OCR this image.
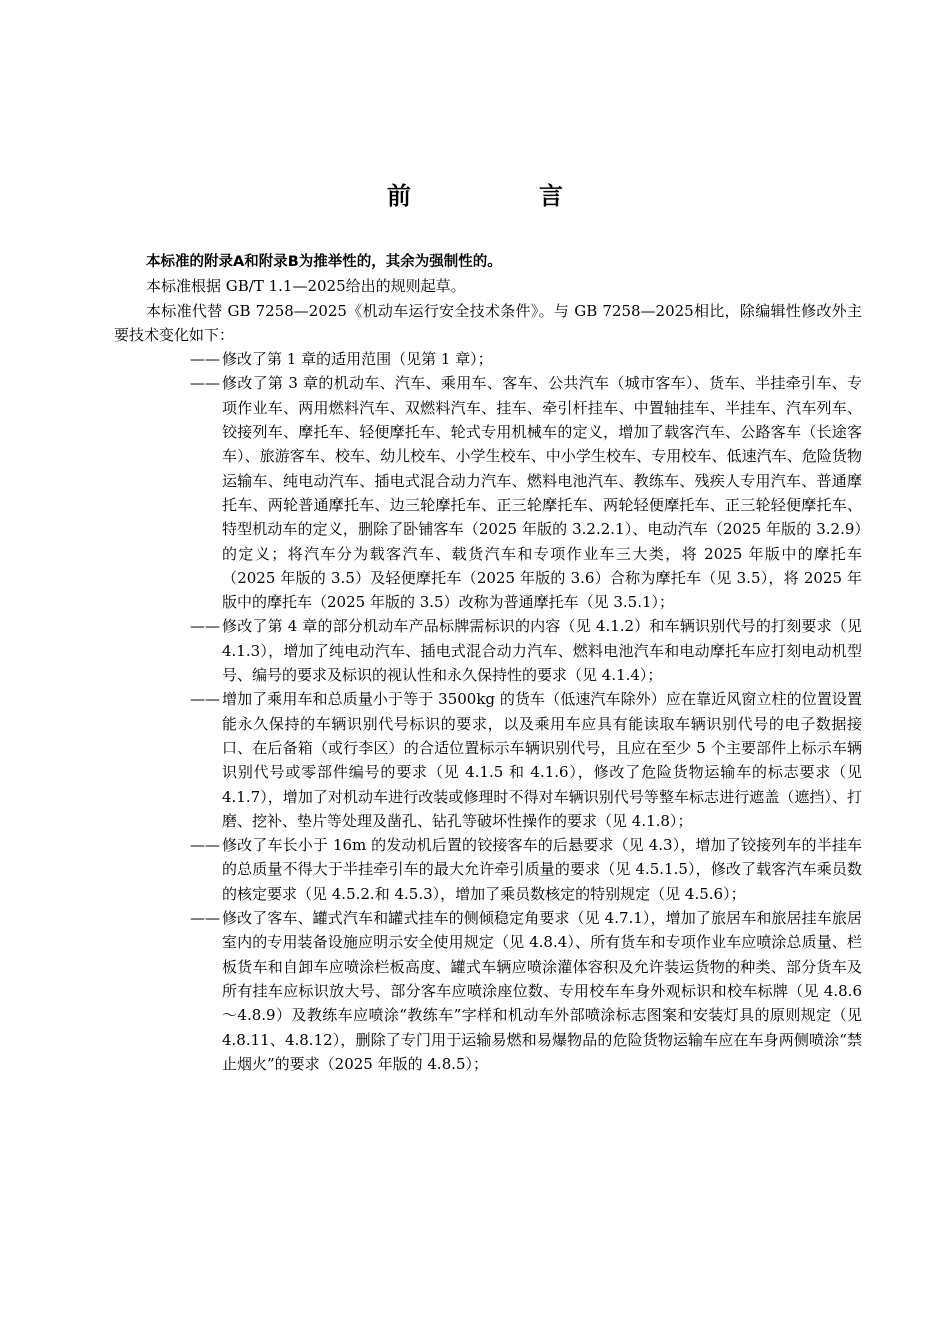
前　言

本标准的附录A和附录B为推举性的，其余为强制性的。

本标准根据 GB/T 1.1—2025给出的规则起草。

本标准代替 GB 7258—2025《机动车运行安全技术条件》。与 GB 7258—2025相比，除编辑性修改外主要技术变化如下：

—— 修改了第 1 章的适用范围（见第 1 章）；
—— 修改了第 3 章的机动车、汽车、乘用车、客车、公共汽车（城市客车）、货车、半挂牵引车、专项作业车、两用燃料汽车、双燃料汽车、挂车、牵引杆挂车、中置轴挂车、半挂车、汽车列车、铰接列车、摩托车、轻便摩托车、轮式专用机械车的定义，增加了载客汽车、公路客车（长途客车）、旅游客车、校车、幼儿校车、小学生校车、中小学生校车、专用校车、低速汽车、危险货物运输车、纯电动汽车、插电式混合动力汽车、燃料电池汽车、教练车、残疾人专用汽车、普通摩托车、两轮普通摩托车、边三轮摩托车、正三轮摩托车、两轮轻便摩托车、正三轮轻便摩托车、特型机动车的定义，删除了卧铺客车（2025 年版的 3.2.2.1）、电动汽车（2025 年版的 3.2.9）的定义；将汽车分为载客汽车、载货汽车和专项作业车三大类，将 2025 年版中的摩托车（2025 年版的 3.5）及轻便摩托车（2025 年版的 3.6）合称为摩托车（见 3.5），将 2025 年版中的摩托车（2025 年版的 3.5）改称为普通摩托车（见 3.5.1）；
—— 修改了第 4 章的部分机动车产品标牌需标识的内容（见 4.1.2）和车辆识别代号的打刻要求（见 4.1.3），增加了纯电动汽车、插电式混合动力汽车、燃料电池汽车和电动摩托车应打刻电动机型号、编号的要求及标识的视认性和永久保持性的要求（见 4.1.4）；
—— 增加了乘用车和总质量小于等于 3500kg 的货车（低速汽车除外）应在靠近风窗立柱的位置设置能永久保持的车辆识别代号标识的要求，以及乘用车应具有能读取车辆识别代号的电子数据接口、在后备箱（或行李区）的合适位置标示车辆识别代号，且应在至少 5 个主要部件上标示车辆识别代号或零部件编号的要求（见 4.1.5 和 4.1.6），修改了危险货物运输车的标志要求（见 4.1.7），增加了对机动车进行改装或修理时不得对车辆识别代号等整车标志进行遮盖（遮挡）、打磨、挖补、垫片等处理及凿孔、钻孔等破坏性操作的要求（见 4.1.8）；
—— 修改了车长小于 16m 的发动机后置的铰接客车的后悬要求（见 4.3），增加了铰接列车的半挂车的总质量不得大于半挂牵引车的最大允许牵引质量的要求（见 4.5.1.5），修改了载客汽车乘员数的核定要求（见 4.5.2.和 4.5.3），增加了乘员数核定的特别规定（见 4.5.6）；
—— 修改了客车、罐式汽车和罐式挂车的侧倾稳定角要求（见 4.7.1），增加了旅居车和旅居挂车旅居室内的专用装备设施应明示安全使用规定（见 4.8.4）、所有货车和专项作业车应喷涂总质量、栏板货车和自卸车应喷涂栏板高度、罐式车辆应喷涂灌体容积及允许装运货物的种类、部分货车及所有挂车应标识放大号、部分客车应喷涂座位数、专用校车车身外观标识和校车标牌（见 4.8.6～4.8.9）及教练车应喷涂“教练车”字样和机动车外部喷涂标志图案和安装灯具的原则规定（见 4.8.11、4.8.12），删除了专门用于运输易燃和易爆物品的危险货物运输车应在车身两侧喷涂“禁止烟火”的要求（2025 年版的 4.8.5）；
